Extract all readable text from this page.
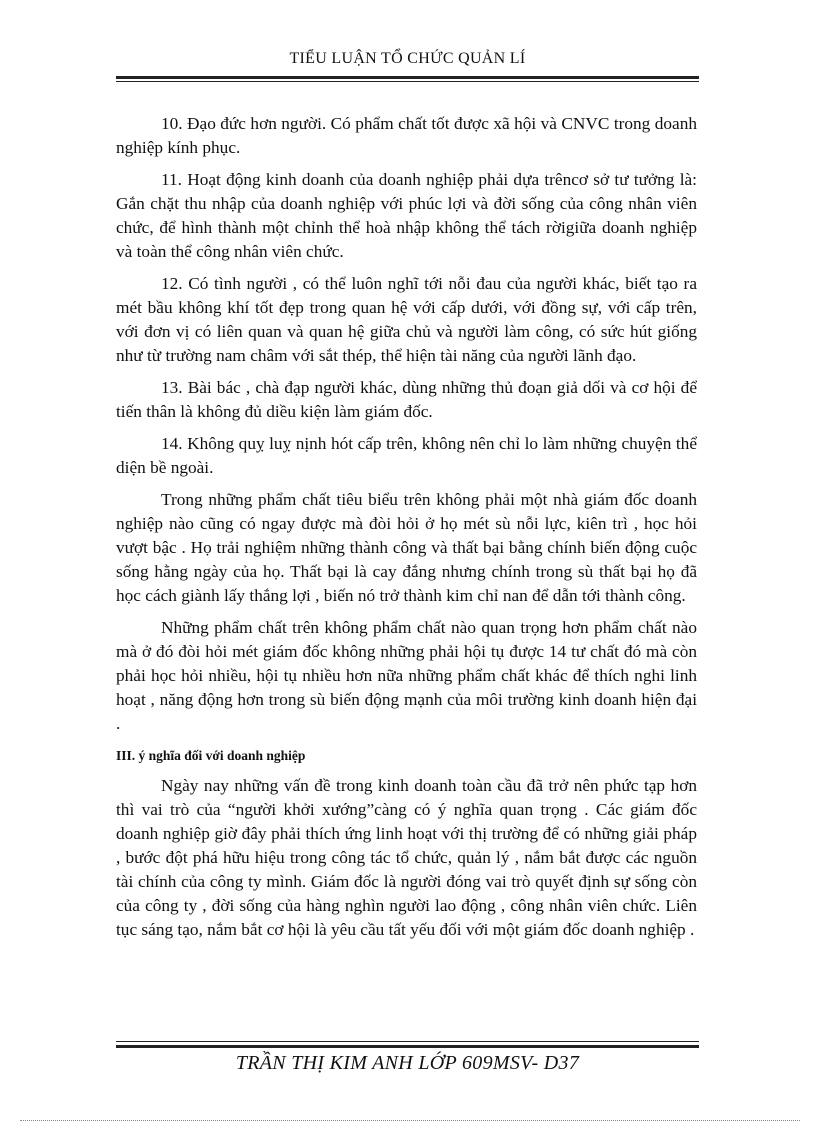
TIỂU LUẬN TỔ CHỨC QUẢN LÍ

10. Đạo đức hơn người. Có phẩm chất tốt được xã hội và CNVC trong doanh nghiệp kính phục.

11. Hoạt động kinh doanh của doanh nghiệp phải dựa trêncơ sở tư tưởng là: Gắn chặt thu nhập của doanh nghiệp với phúc lợi và đời sống của công nhân viên chức, để hình thành một chỉnh thể hoà nhập không thể tách rờigiữa doanh nghiệp và toàn thể công nhân viên chức.

12. Có tình người , có thể luôn nghĩ tới nỗi đau của người khác, biết tạo ra mét bầu không khí tốt đẹp trong quan hệ với cấp dưới, với đồng sự, với cấp trên, với đơn vị có liên quan và quan hệ giữa chủ và người làm công, có sức hút giống như từ trường nam châm với sắt thép, thể hiện tài năng của người lãnh đạo.

13. Bài bác , chà đạp người khác, dùng những thủ đoạn giả dối và cơ hội để tiến thân là không đủ diều kiện làm giám đốc.

14. Không quỵ luỵ nịnh hót cấp trên, không nên chỉ lo làm những chuyện thể diện bề ngoài.

Trong những phẩm chất tiêu biểu trên không phải một nhà giám đốc doanh nghiệp nào cũng có ngay được mà đòi hỏi ở họ mét sù nỗi lực, kiên trì , học hỏi vượt bậc . Họ trải nghiệm những thành công và thất bại bằng chính biến động cuộc sống hằng ngày của họ. Thất bại là cay đắng nhưng chính trong sù thất bại họ đã học cách giành lấy thắng lợi , biến nó trở thành kim chỉ nan để dẫn tới thành công.

Những phẩm chất trên không phẩm chất nào quan trọng hơn phẩm chất nào mà ở đó đòi hỏi mét giám đốc không những phải hội tụ được 14 tư chất đó mà còn phải học hỏi nhiều, hội tụ nhiều hơn nữa những phẩm chất khác để thích nghi linh hoạt , năng động hơn trong sù biến động mạnh của môi trường kinh doanh hiện đại .

III. ý nghĩa đối với doanh nghiệp

Ngày nay những vấn đề trong kinh doanh toàn cầu đã trở nên phức tạp hơn thì vai trò của “người khởi xướng”càng có ý nghĩa quan trọng . Các giám đốc doanh nghiệp giờ đây phải thích ứng linh hoạt với thị trường để có những giải pháp , bước đột phá hữu hiệu trong công tác tổ chức, quản lý , nắm bắt được các nguồn tài chính của công ty mình. Giám đốc là người đóng vai trò quyết định sự sống còn của công ty , đời sống của hàng nghìn người lao động , công nhân viên chức. Liên tục sáng tạo, nắm bắt cơ hội là yêu cầu tất yếu đối với một giám đốc doanh nghiệp .

TRẦN THỊ KIM ANH LỚP 609MSV- D37
